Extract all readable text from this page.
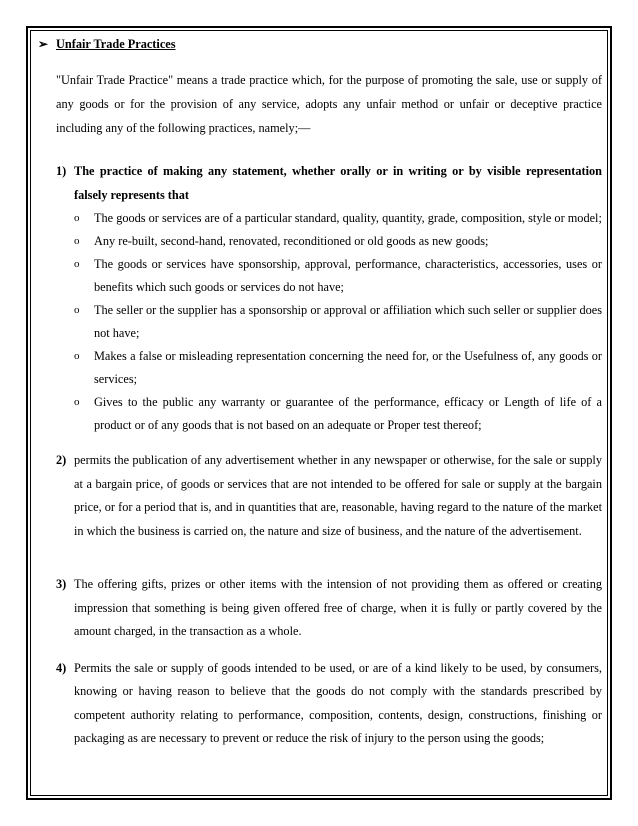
➢ Unfair Trade Practices
"Unfair Trade Practice" means a trade practice which, for the purpose of promoting the sale, use or supply of any goods or for the provision of any service, adopts any unfair method or unfair or deceptive practice including any of the following practices, namely;—
1) The practice of making any statement, whether orally or in writing or by visible representation falsely represents that
o	The goods or services are of a particular standard, quality, quantity, grade, composition, style or model;
o	Any re-built, second-hand, renovated, reconditioned or old goods as new goods;
o	The goods or services have sponsorship, approval, performance, characteristics, accessories, uses or benefits which such goods or services do not have;
o	The seller or the supplier has a sponsorship or approval or affiliation which such seller or supplier does not have;
o	Makes a false or misleading representation concerning the need for, or the Usefulness of, any goods or services;
o	Gives to the public any warranty or guarantee of the performance, efficacy or Length of life of a product or of any goods that is not based on an adequate or Proper test thereof;
2) permits the publication of any advertisement whether in any newspaper or otherwise, for the sale or supply at a bargain price, of goods or services that are not intended to be offered for sale or supply at the bargain price, or for a period that is, and in quantities that are, reasonable, having regard to the nature of the market in which the business is carried on, the nature and size of business, and the nature of the advertisement.
3) The offering gifts, prizes or other items with the intension of not providing them as offered or creating impression that something is being given offered free of charge, when it is fully or partly covered by the amount charged, in the transaction as a whole.
4) Permits the sale or supply of goods intended to be used, or are of a kind likely to be used, by consumers, knowing or having reason to believe that the goods do not comply with the standards prescribed by competent authority relating to performance, composition, contents, design, constructions, finishing or packaging as are necessary to prevent or reduce the risk of injury to the person using the goods;
